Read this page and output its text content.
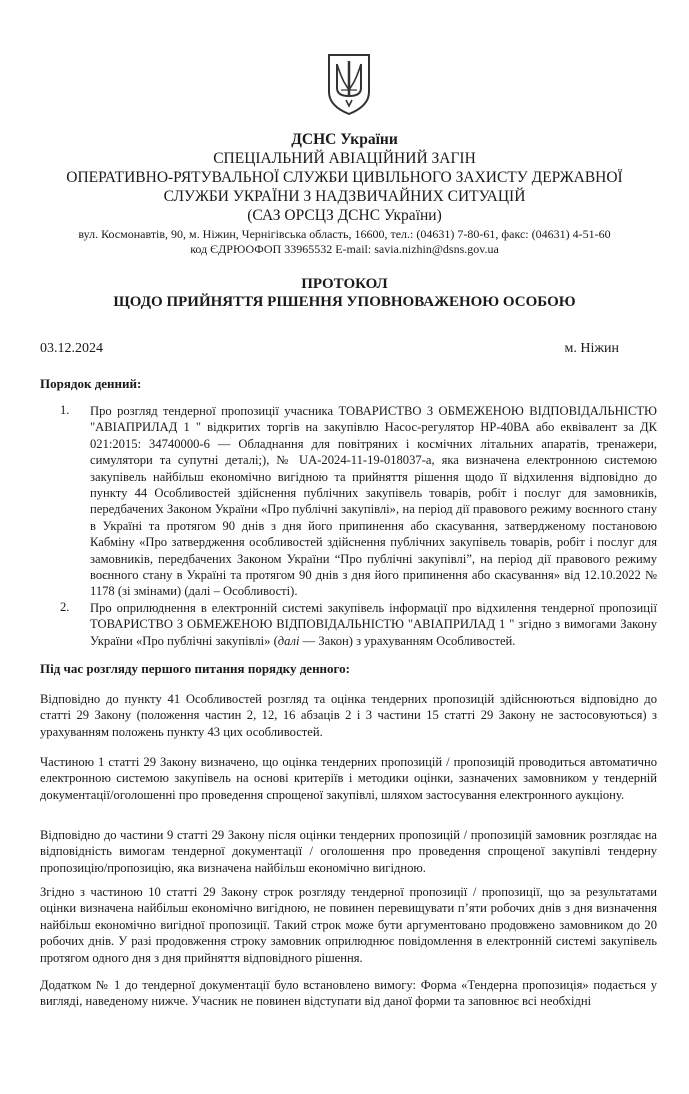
ДСНС України
СПЕЦІАЛЬНИЙ АВІАЦІЙНИЙ ЗАГІН
ОПЕРАТИВНО-РЯТУВАЛЬНОЇ СЛУЖБИ ЦИВІЛЬНОГО ЗАХИСТУ ДЕРЖАВНОЇ
СЛУЖБИ УКРАЇНИ З НАДЗВИЧАЙНИХ СИТУАЦІЙ
(САЗ ОРСЦЗ ДСНС України)
вул. Космонавтів, 90, м. Ніжин, Чернігівська область, 16600, тел.: (04631) 7-80-61, факс: (04631) 4-51-60
код ЄДРЮОФОП 33965532 E-mail: savia.nizhin@dsns.gov.ua
ПРОТОКОЛ
ЩОДО ПРИЙНЯТТЯ РІШЕННЯ УПОВНОВАЖЕНОЮ ОСОБОЮ
03.12.2024	м. Ніжин
Порядок денний:
1. Про розгляд тендерної пропозиції учасника ТОВАРИСТВО З ОБМЕЖЕНОЮ ВІДПОВІДАЛЬНІСТЮ "АВІАПРИЛАД 1 " відкритих торгів на закупівлю Насос-регулятор НР-40ВА або еквівалент за ДК 021:2015: 34740000-6 — Обладнання для повітряних і космічних літальних апаратів, тренажери, симулятори та супутні деталі;), № UA-2024-11-19-018037-a, яка визначена електронною системою закупівель найбільш економічно вигідною та прийняття рішення щодо її відхилення відповідно до пункту 44 Особливостей здійснення публічних закупівель товарів, робіт і послуг для замовників, передбачених Законом України «Про публічні закупівлі», на період дії правового режиму воєнного стану в Україні та протягом 90 днів з дня його припинення або скасування, затвердженому постановою Кабміну «Про затвердження особливостей здійснення публічних закупівель товарів, робіт і послуг для замовників, передбачених Законом України “Про публічні закупівлі”, на період дії правового режиму воєнного стану в Україні та протягом 90 днів з дня його припинення або скасування» від 12.10.2022 № 1178 (зі змінами) (далі – Особливості).
2. Про оприлюднення в електронній системі закупівель інформації про відхилення тендерної пропозиції ТОВАРИСТВО З ОБМЕЖЕНОЮ ВІДПОВІДАЛЬНІСТЮ "АВІАПРИЛАД 1 " згідно з вимогами Закону України «Про публічні закупівлі» (далі — Закон) з урахуванням Особливостей.
Під час розгляду першого питання порядку денного:
Відповідно до пункту 41 Особливостей розгляд та оцінка тендерних пропозицій здійснюються відповідно до статті 29 Закону (положення частин 2, 12, 16 абзаців 2 і 3 частини 15 статті 29 Закону не застосовуються) з урахуванням положень пункту 43 цих особливостей.
Частиною 1 статті 29 Закону визначено, що оцінка тендерних пропозицій / пропозицій проводиться автоматично електронною системою закупівель на основі критеріїв і методики оцінки, зазначених замовником у тендерній документації/оголошенні про проведення спрощеної закупівлі, шляхом застосування електронного аукціону.
Відповідно до частини 9 статті 29 Закону після оцінки тендерних пропозицій / пропозицій замовник розглядає на відповідність вимогам тендерної документації / оголошення про проведення спрощеної закупівлі тендерну пропозицію/пропозицію, яка визначена найбільш економічно вигідною.
Згідно з частиною 10 статті 29 Закону строк розгляду тендерної пропозиції / пропозиції, що за результатами оцінки визначена найбільш економічно вигідною, не повинен перевищувати п’яти робочих днів з дня визначення найбільш економічно вигідної пропозиції. Такий строк може бути аргументовано продовжено замовником до 20 робочих днів. У разі продовження строку замовник оприлюднює повідомлення в електронній системі закупівель протягом одного дня з дня прийняття відповідного рішення.
Додатком № 1 до тендерної документації було встановлено вимогу: Форма «Тендерна пропозиція» подається у вигляді, наведеному нижче. Учасник не повинен відступати від даної форми та заповнює всі необхідні
